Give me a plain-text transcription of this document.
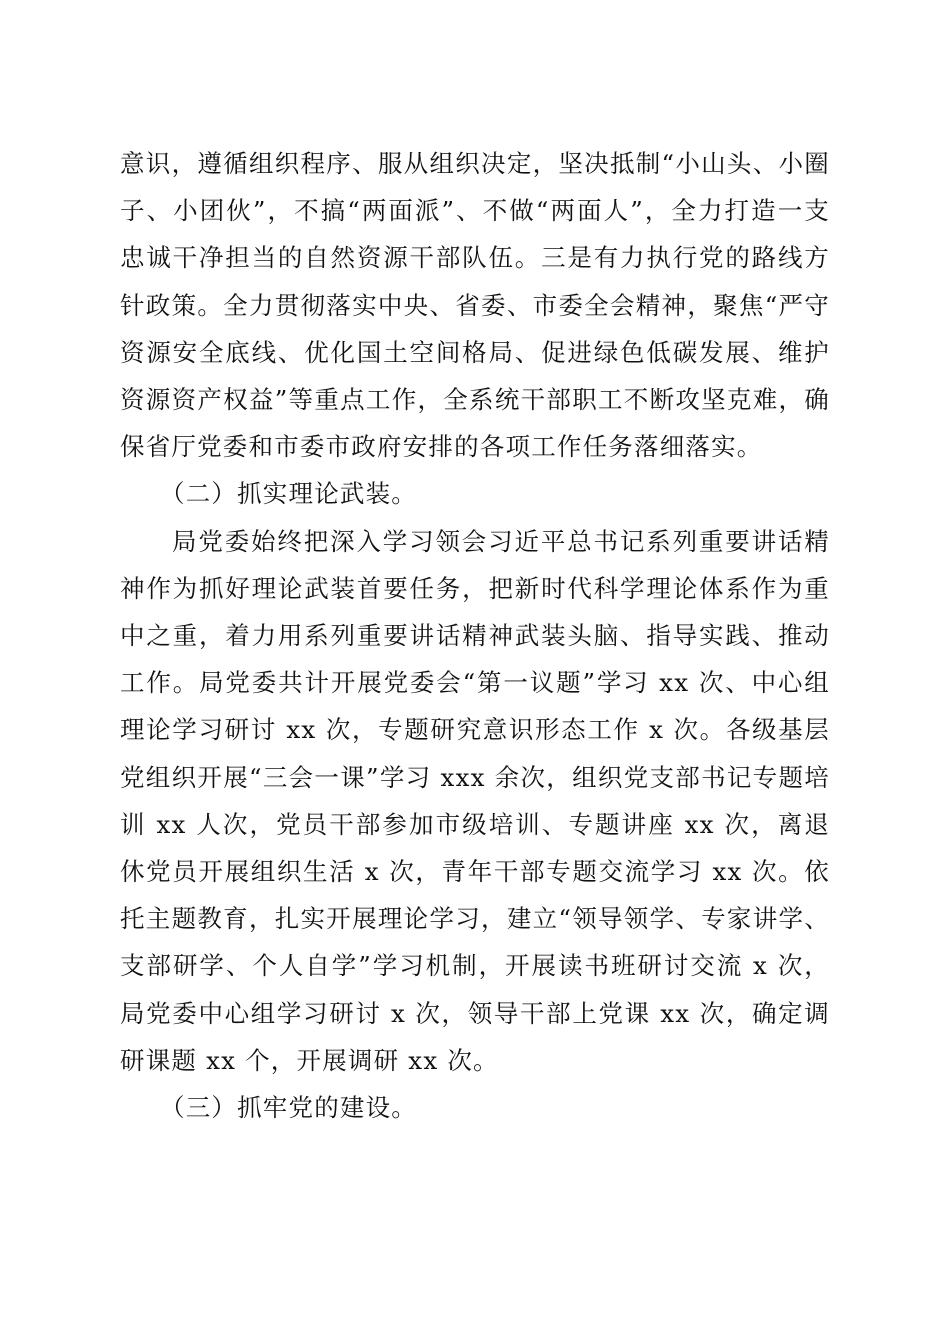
意识，遵循组织程序、服从组织决定，坚决抵制“小山头、小圈子、小团伙”，不搞“两面派”、不做“两面人”，全力打造一支忠诚干净担当的自然资源干部队伍。三是有力执行党的路线方针政策。全力贯彻落实中央、省委、市委全会精神，聚焦“严守资源安全底线、优化国土空间格局、促进绿色低碳发展、维护资源资产权益”等重点工作，全系统干部职工不断攻坚克难，确保省厅党委和市委市政府安排的各项工作任务落细落实。

（二）抓实理论武装。

局党委始终把深入学习领会习近平总书记系列重要讲话精神作为抓好理论武装首要任务，把新时代科学理论体系作为重中之重，着力用系列重要讲话精神武装头脑、指导实践、推动工作。局党委共计开展党委会“第一议题”学习 xx 次、中心组理论学习研讨 xx 次，专题研究意识形态工作 x 次。各级基层党组织开展“三会一课”学习 xxx 余次，组织党支部书记专题培训 xx 人次，党员干部参加市级培训、专题讲座 xx 次，离退休党员开展组织生活 x 次，青年干部专题交流学习 xx 次。依托主题教育，扎实开展理论学习，建立“领导领学、专家讲学、支部研学、个人自学”学习机制，开展读书班研讨交流 x 次，局党委中心组学习研讨 x 次，领导干部上党课 xx 次，确定调研课题 xx 个，开展调研 xx 次。

（三）抓牢党的建设。
